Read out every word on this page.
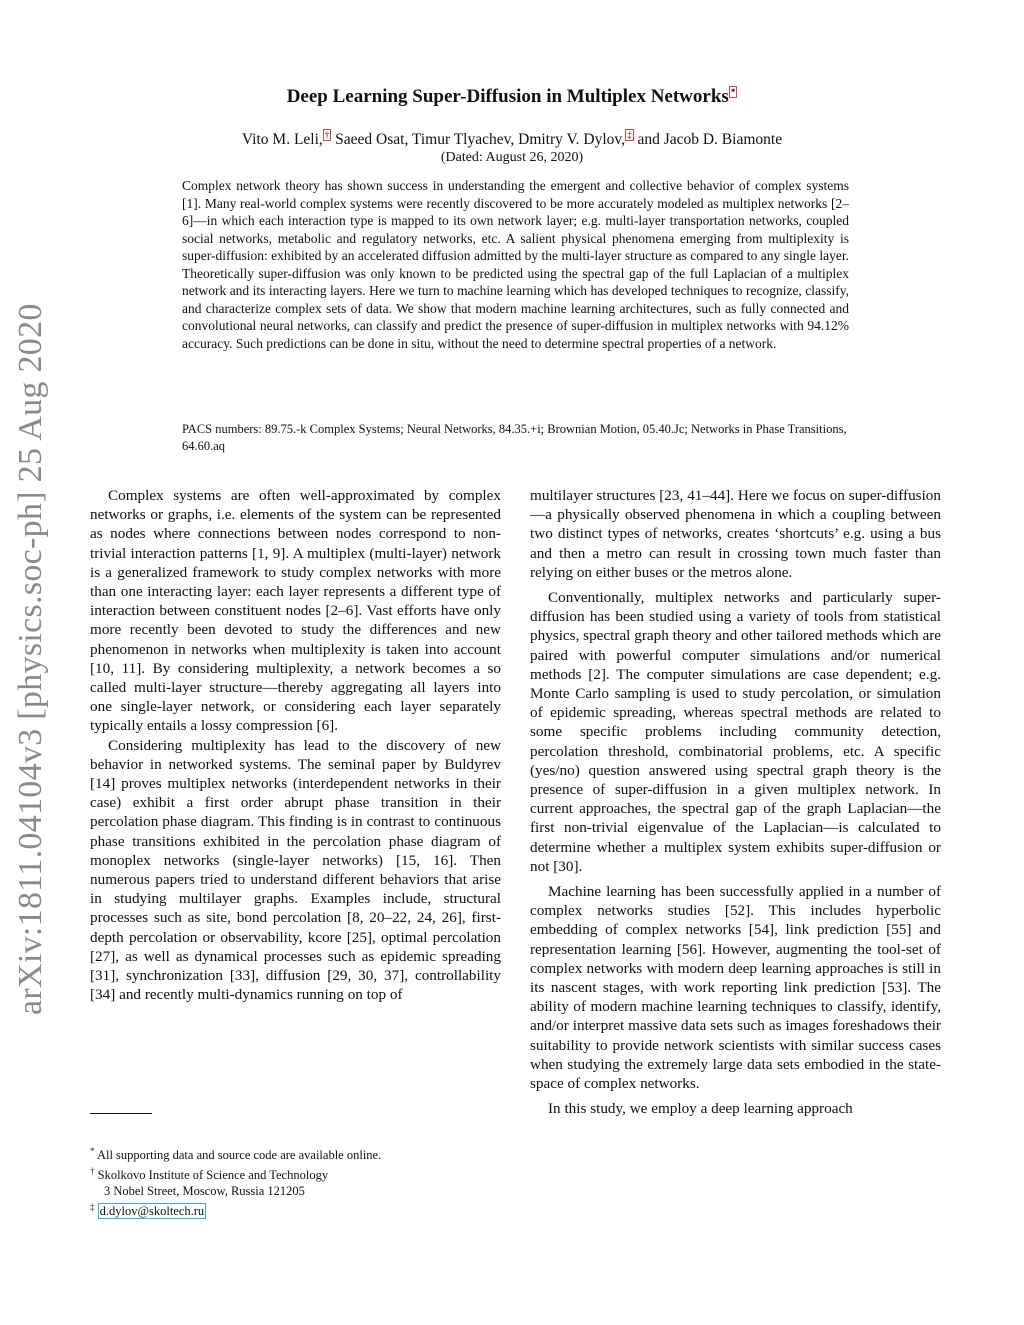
arXiv:1811.04104v3 [physics.soc-ph] 25 Aug 2020
Deep Learning Super-Diffusion in Multiplex Networks *
Vito M. Leli, † Saeed Osat, Timur Tlyachev, Dmitry V. Dylov, ‡ and Jacob D. Biamonte
(Dated: August 26, 2020)
Complex network theory has shown success in understanding the emergent and collective behavior of complex systems [1]. Many real-world complex systems were recently discovered to be more accurately modeled as multiplex networks [2–6]—in which each interaction type is mapped to its own network layer; e.g. multi-layer transportation networks, coupled social networks, metabolic and regulatory networks, etc. A salient physical phenomena emerging from multiplexity is super-diffusion: exhibited by an accelerated diffusion admitted by the multi-layer structure as compared to any single layer. Theoretically super-diffusion was only known to be predicted using the spectral gap of the full Laplacian of a multiplex network and its interacting layers. Here we turn to machine learning which has developed techniques to recognize, classify, and characterize complex sets of data. We show that modern machine learning architectures, such as fully connected and convolutional neural networks, can classify and predict the presence of super-diffusion in multiplex networks with 94.12% accuracy. Such predictions can be done in situ, without the need to determine spectral properties of a network.
PACS numbers: 89.75.-k Complex Systems; Neural Networks, 84.35.+i; Brownian Motion, 05.40.Jc; Networks in Phase Transitions, 64.60.aq

Complex systems are often well-approximated by complex networks or graphs, i.e. elements of the system can be represented as nodes where connections between nodes correspond to non-trivial interaction patterns [1, 9]. A multiplex (multi-layer) network is a generalized framework to study complex networks with more than one interacting layer: each layer represents a different type of interaction between constituent nodes [2–6]. Vast efforts have only more recently been devoted to study the differences and new phenomenon in networks when multiplexity is taken into account [10, 11]. By considering multiplexity, a network becomes a so called multi-layer structure—thereby aggregating all layers into one single-layer network, or considering each layer separately typically entails a lossy compression [6].

Considering multiplexity has lead to the discovery of new behavior in networked systems. The seminal paper by Buldyrev [14] proves multiplex networks (interdependent networks in their case) exhibit a first order abrupt phase transition in their percolation phase diagram. This finding is in contrast to continuous phase transitions exhibited in the percolation phase diagram of monoplex networks (single-layer networks) [15, 16]. Then numerous papers tried to understand different behaviors that arise in studying multilayer graphs. Examples include, structural processes such as site, bond percolation [8, 20–22, 24, 26], first-depth percolation or observability, kcore [25], optimal percolation [27], as well as dynamical processes such as epidemic spreading [31], synchronization [33], diffusion [29, 30, 37], controllability [34] and recently multi-dynamics running on top of

multilayer structures [23, 41–44]. Here we focus on super-diffusion—a physically observed phenomena in which a coupling between two distinct types of networks, creates ‘shortcuts’ e.g. using a bus and then a metro can result in crossing town much faster than relying on either buses or the metros alone.

Conventionally, multiplex networks and particularly super-diffusion has been studied using a variety of tools from statistical physics, spectral graph theory and other tailored methods which are paired with powerful computer simulations and/or numerical methods [2]. The computer simulations are case dependent; e.g. Monte Carlo sampling is used to study percolation, or simulation of epidemic spreading, whereas spectral methods are related to some specific problems including community detection, percolation threshold, combinatorial problems, etc. A specific (yes/no) question answered using spectral graph theory is the presence of super-diffusion in a given multiplex network. In current approaches, the spectral gap of the graph Laplacian—the first non-trivial eigenvalue of the Laplacian—is calculated to determine whether a multiplex system exhibits super-diffusion or not [30].

Machine learning has been successfully applied in a number of complex networks studies [52]. This includes hyperbolic embedding of complex networks [54], link prediction [55] and representation learning [56]. However, augmenting the tool-set of complex networks with modern deep learning approaches is still in its nascent stages, with work reporting link prediction [53]. The ability of modern machine learning techniques to classify, identify, and/or interpret massive data sets such as images foreshadows their suitability to provide network scientists with similar success cases when studying the extremely large data sets embodied in the state-space of complex networks.

In this study, we employ a deep learning approach

* All supporting data and source code are available online.
† Skolkovo Institute of Science and Technology
3 Nobel Street, Moscow, Russia 121205
‡ d.dylov@skoltech.ru
